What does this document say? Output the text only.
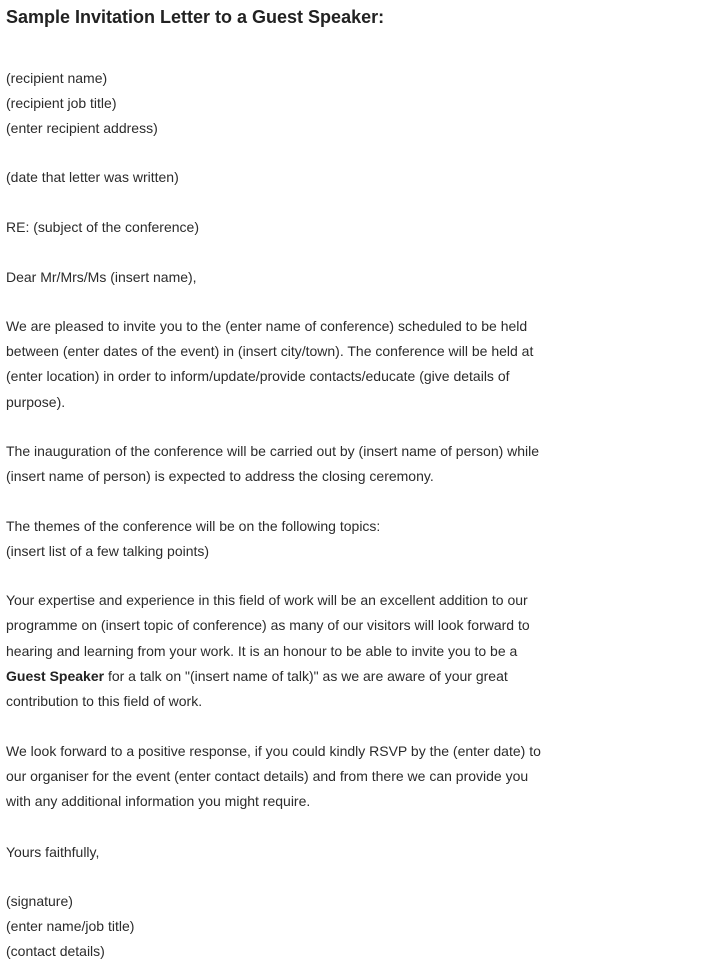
Sample Invitation Letter to a Guest Speaker:
(recipient name)
(recipient job title)
(enter recipient address)
(date that letter was written)
RE: (subject of the conference)
Dear Mr/Mrs/Ms (insert name),
We are pleased to invite you to the (enter name of conference) scheduled to be held
between (enter dates of the event) in (insert city/town). The conference will be held at
(enter location) in order to inform/update/provide contacts/educate (give details of
purpose).
The inauguration of the conference will be carried out by (insert name of person) while
(insert name of person) is expected to address the closing ceremony.
The themes of the conference will be on the following topics:
(insert list of a few talking points)
Your expertise and experience in this field of work will be an excellent addition to our
programme on (insert topic of conference) as many of our visitors will look forward to
hearing and learning from your work. It is an honour to be able to invite you to be a
Guest Speaker for a talk on "(insert name of talk)" as we are aware of your great
contribution to this field of work.
We look forward to a positive response, if you could kindly RSVP by the (enter date) to
our organiser for the event (enter contact details) and from there we can provide you
with any additional information you might require.
Yours faithfully,
(signature)
(enter name/job title)
(contact details)
